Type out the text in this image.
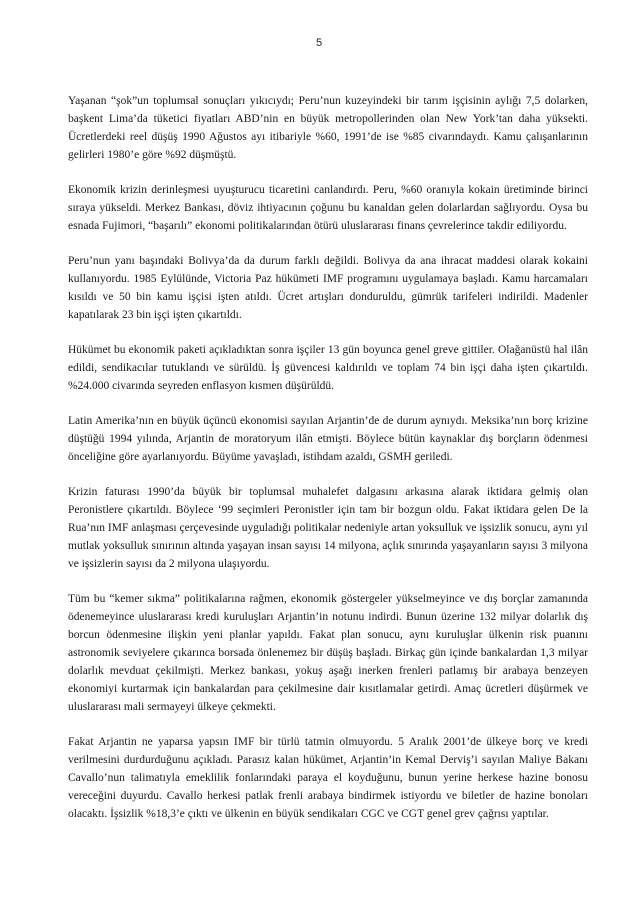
5

Yaşanan “şok”un toplumsal sonuçları yıkıcıydı; Peru’nun kuzeyindeki bir tarım işçisinin aylığı 7,5 dolarken, başkent Lima’da tüketici fiyatları ABD’nin en büyük metropollerinden olan New York’tan daha yüksekti. Ücretlerdeki reel düşüş 1990 Ağustos ayı itibariyle %60, 1991’de ise %85 civarındaydı. Kamu çalışanlarının gelirleri 1980’e göre %92 düşmüştü.

Ekonomik krizin derinleşmesi uyuşturucu ticaretini canlandırdı. Peru, %60 oranıyla kokain üretiminde birinci sıraya yükseldi. Merkez Bankası, döviz ihtiyacının çoğunu bu kanaldan gelen dolarlardan sağlıyordu. Oysa bu esnada Fujimori, “başarılı” ekonomi politikalarından ötürü uluslararası finans çevrelerince takdir ediliyordu.

Peru’nun yanı başındaki Bolivya’da da durum farklı değildi. Bolivya da ana ihracat maddesi olarak kokaini kullanıyordu. 1985 Eylülünde, Victoria Paz hükümeti IMF programını uygulamaya başladı. Kamu harcamaları kısıldı ve 50 bin kamu işçisi işten atıldı. Ücret artışları donduruldu, gümrük tarifeleri indirildi. Madenler kapatılarak 23 bin işçi işten çıkartıldı.

Hükümet bu ekonomik paketi açıkladıktan sonra işçiler 13 gün boyunca genel greve gittiler. Olağanüstü hal ilân edildi, sendikacılar tutuklandı ve sürüldü. İş güvencesi kaldırıldı ve toplam 74 bin işçi daha işten çıkartıldı. %24.000 civarında seyreden enflasyon kısmen düşürüldü.

Latin Amerika’nın en büyük üçüncü ekonomisi sayılan Arjantin’de de durum aynıydı. Meksika’nın borç krizine düştüğü 1994 yılında, Arjantin de moratoryum ilân etmişti. Böylece bütün kaynaklar dış borçların ödenmesi önceliğine göre ayarlanıyordu. Büyüme yavaşladı, istihdam azaldı, GSMH geriledi.

Krizin faturası 1990’da büyük bir toplumsal muhalefet dalgasını arkasına alarak iktidara gelmiş olan Peronistlere çıkartıldı. Böylece ‘99 seçimleri Peronistler için tam bir bozgun oldu. Fakat iktidara gelen De la Rua’nın IMF anlaşması çerçevesinde uyguladığı politikalar nedeniyle artan yoksulluk ve işsizlik sonucu, aynı yıl mutlak yoksulluk sınırının altında yaşayan insan sayısı 14 milyona, açlık sınırında yaşayanların sayısı 3 milyona ve işsizlerin sayısı da 2 milyona ulaşıyordu.

Tüm bu “kemer sıkma” politikalarına rağmen, ekonomik göstergeler yükselmeyince ve dış borçlar zamanında ödenemeyince uluslararası kredi kuruluşları Arjantin’in notunu indirdi. Bunun üzerine 132 milyar dolarlık dış borcun ödenmesine ilişkin yeni planlar yapıldı. Fakat plan sonucu, aynı kuruluşlar ülkenin risk puanını astronomik seviyelere çıkarınca borsada önlenemez bir düşüş başladı. Birkaç gün içinde bankalardan 1,3 milyar dolarlık mevduat çekilmişti. Merkez bankası, yokuş aşağı inerken frenleri patlamış bir arabaya benzeyen ekonomiyi kurtarmak için bankalardan para çekilmesine dair kısıtlamalar getirdi. Amaç ücretleri düşürmek ve uluslararası mali sermayeyi ülkeye çekmekti.

Fakat Arjantin ne yaparsa yapsın IMF bir türlü tatmin olmuyordu. 5 Aralık 2001’de ülkeye borç ve kredi verilmesini durdurduğunu açıkladı. Parasız kalan hükümet, Arjantin’in Kemal Derviş’i sayılan Maliye Bakanı Cavallo’nun talimatıyla emeklilik fonlarındaki paraya el koyduğunu, bunun yerine herkese hazine bonosu vereceğini duyurdu. Cavallo herkesi patlak frenli arabaya bindirmek istiyordu ve biletler de hazine bonoları olacaktı. İşsizlik %18,3’e çıktı ve ülkenin en büyük sendikaları CGC ve CGT genel grev çağrısı yaptılar.
